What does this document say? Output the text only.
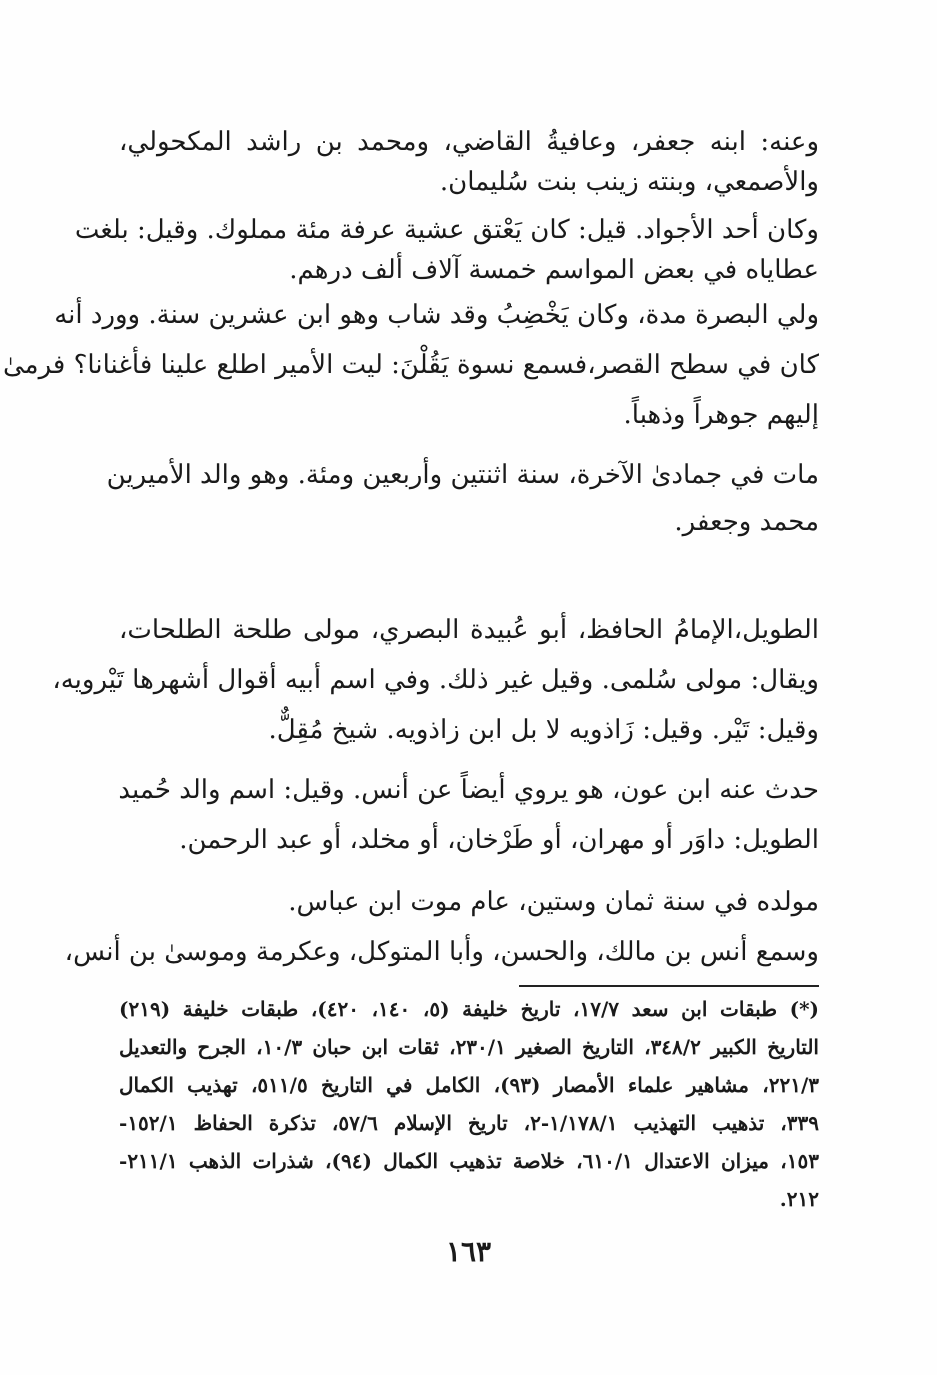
وعنه: ابنه جعفر، وعافيةُ القاضي، ومحمد بن راشد المكحولي،
والأصمعي، وبنته زينب بنت سُليمان.
وكان أحد الأجواد. قيل: كان يَعْتق عشية عرفة مئة مملوك. وقيل: بلغت
عطاياه في بعض المواسم خمسة آلاف ألف درهم.
ولي البصرة مدة، وكان يَخْضِبُ وقد شاب وهو ابن عشرين سنة. وورد أنه
كان في سطح القصر،فسمع نسوة يَقُلْنَ: ليت الأمير اطلع علينا فأغنانا؟ فرمىٰ
إليهم جوهراً وذهباً.
مات في جمادىٰ الآخرة، سنة اثنتين وأربعين ومئة. وهو والد الأميرين
محمد وجعفر.
الطويل،الإمامُ الحافظ، أبو عُبيدة البصري، مولى طلحة الطلحات،
ويقال: مولى سُلمى. وقيل غير ذلك. وفي اسم أبيه أقوال أشهرها تَيْرويه،
وقيل: تَيْر. وقيل: زَاذويه لا بل ابن زاذويه. شيخ مُقِلٌّ.
حدث عنه ابن عون، هو يروي أيضاً عن أنس. وقيل: اسم والد حُميد
الطويل: داوَر أو مهران، أو طَرْخان، أو مخلد، أو عبد الرحمن.
مولده في سنة ثمان وستين، عام موت ابن عباس.
وسمع أنس بن مالك، والحسن، وأبا المتوكل، وعكرمة وموسىٰ بن أنس،
(*) طبقات ابن سعد ١٧/٧، تاريخ خليفة (٥، ١٤٠، ٤٢٠)، طبقات خليفة (٢١٩)
التاريخ الكبير ٣٤٨/٢، التاريخ الصغير ٢٣٠/١، ثقات ابن حبان ١٠/٣، الجرح والتعديل
٢٢١/٣، مشاهير علماء الأمصار (٩٣)، الكامل في التاريخ ٥١١/٥، تهذيب الكمال
٣٣٩، تذهيب التهذيب ١/١٧٨/١-٢، تاريخ الإسلام ٥٧/٦، تذكرة الحفاظ ١٥٢/١-
١٥٣، ميزان الاعتدال ٦١٠/١، خلاصة تذهيب الكمال (٩٤)، شذرات الذهب ٢١١/١-
٢١٢.
١٦٣
